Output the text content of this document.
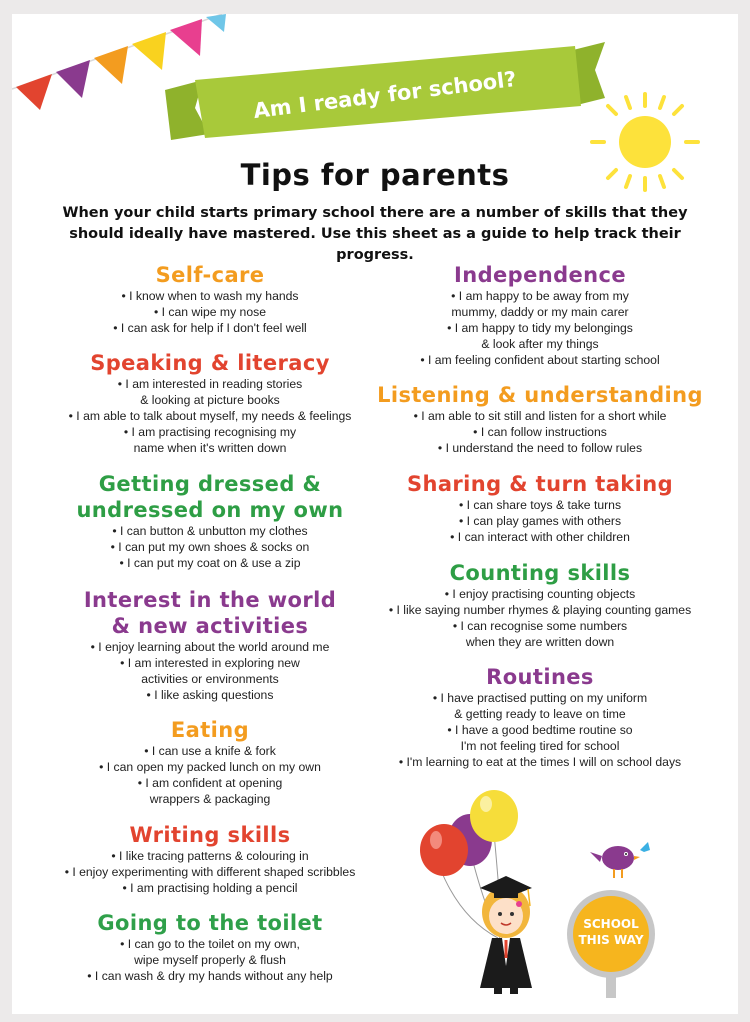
Am I ready for school?
Tips for parents
When your child starts primary school there are a number of skills that they should ideally have mastered. Use this sheet as a guide to help track their progress.
Self-care
• I know when to wash my hands
• I can wipe my nose
• I can ask for help if I don't feel well
Speaking & literacy
• I am interested in reading stories
& looking at picture books
• I am able to talk about myself, my needs & feelings
• I am practising recognising my
name when it's written down
Getting dressed &
undressed on my own
• I can button & unbutton my clothes
• I can put my own shoes & socks on
• I can put my coat on & use a zip
Interest in the world
& new activities
• I enjoy learning about the world around me
• I am interested in exploring new
activities or environments
• I like asking questions
Eating
• I can use a knife & fork
• I can open my packed lunch on my own
• I am confident at opening
wrappers & packaging
Writing skills
• I like tracing patterns & colouring in
• I enjoy experimenting with different shaped scribbles
• I am practising holding a pencil
Going to the toilet
• I can go to the toilet on my own,
wipe myself properly & flush
• I can wash & dry my hands without any help
Independence
• I am happy to be away from my
mummy, daddy or my main carer
• I am happy to tidy my belongings
& look after my things
• I am feeling confident about starting school
Listening & understanding
• I am able to sit still and listen for a short while
• I can follow instructions
• I understand the need to follow rules
Sharing & turn taking
• I can share toys & take turns
• I can play games with others
• I can interact with other children
Counting skills
• I enjoy practising counting objects
• I like saying number rhymes & playing counting games
• I can recognise some numbers
when they are written down
Routines
• I have practised putting on my uniform
& getting ready to leave on time
• I have a good bedtime routine so
I'm not feeling tired for school
• I'm learning to eat at the times I will on school days
SCHOOL
THIS WAY
